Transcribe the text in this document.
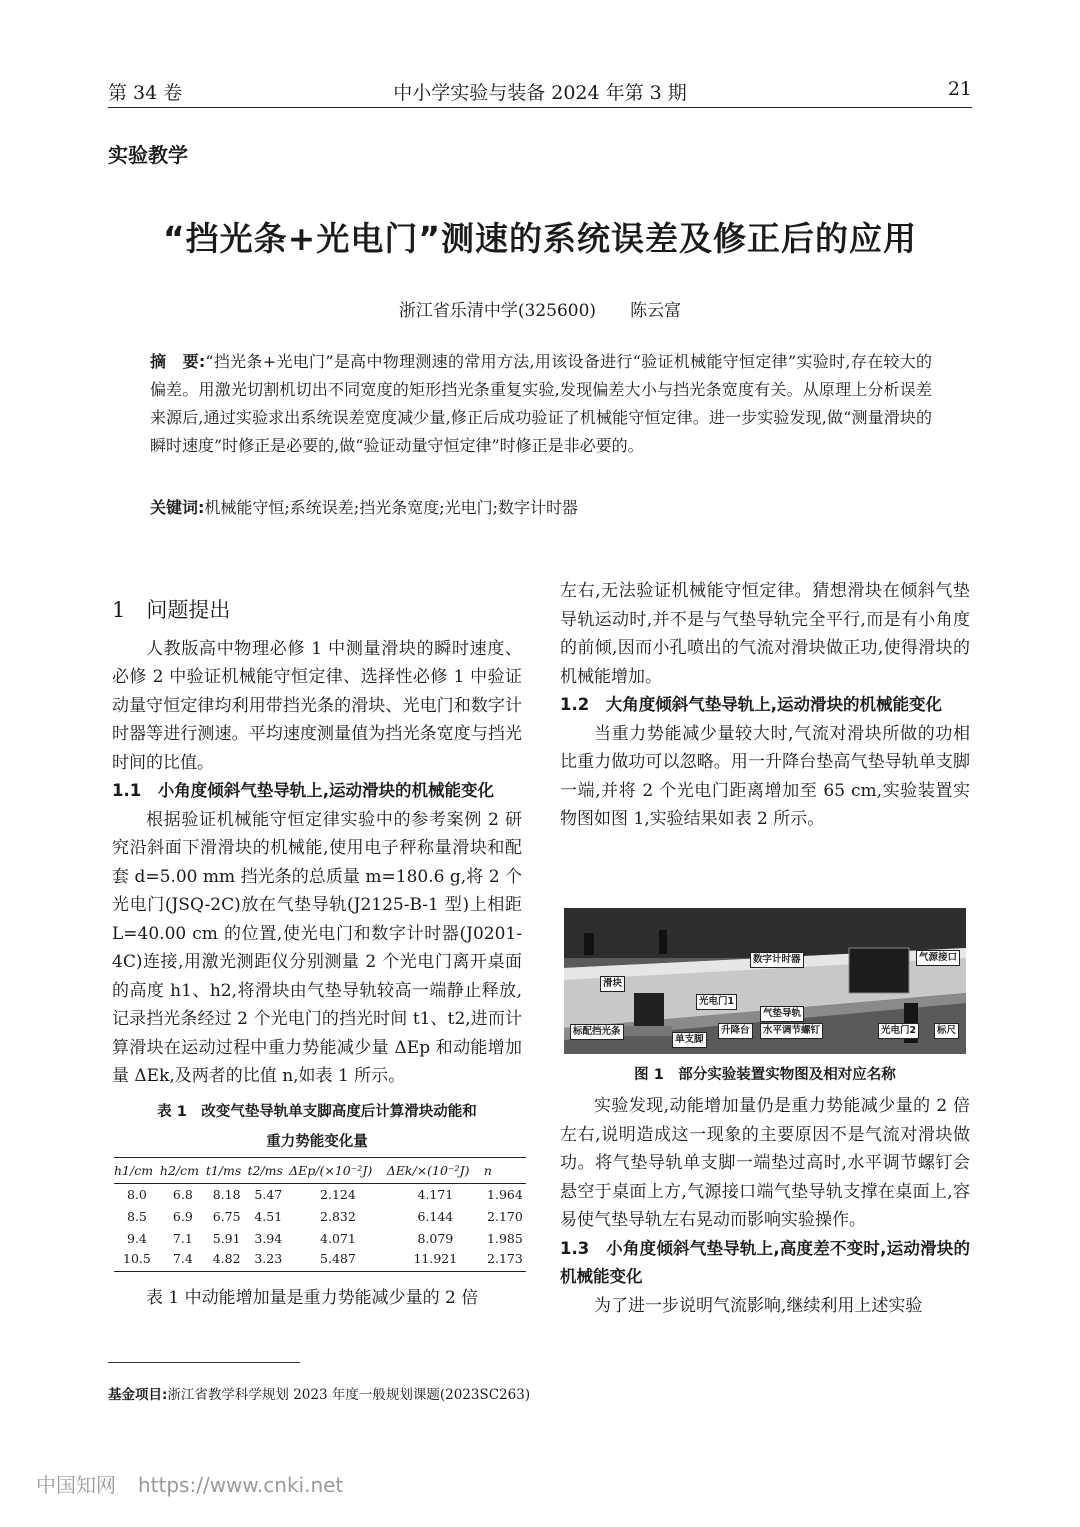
第 34 卷	中小学实验与装备 2024 年第 3 期	21
实验教学
“挡光条+光电门”测速的系统误差及修正后的应用
浙江省乐清中学(325600)　　陈云富
摘　要:“挡光条+光电门”是高中物理测速的常用方法,用该设备进行“验证机械能守恒定律”实验时,存在较大的偏差。用激光切割机切出不同宽度的矩形挡光条重复实验,发现偏差大小与挡光条宽度有关。从原理上分析误差来源后,通过实验求出系统误差宽度减少量,修正后成功验证了机械能守恒定律。进一步实验发现,做“测量滑块的瞬时速度”时修正是必要的,做“验证动量守恒定律”时修正是非必要的。
关键词:机械能守恒;系统误差;挡光条宽度;光电门;数字计时器
1　问题提出
人教版高中物理必修 1 中测量滑块的瞬时速度、必修 2 中验证机械能守恒定律、选择性必修 1 中验证动量守恒定律均利用带挡光条的滑块、光电门和数字计时器等进行测速。平均速度测量值为挡光条宽度与挡光时间的比值。
1.1　小角度倾斜气垫导轨上,运动滑块的机械能变化
根据验证机械能守恒定律实验中的参考案例 2 研究沿斜面下滑滑块的机械能,使用电子秤称量滑块和配套 d=5.00 mm 挡光条的总质量 m=180.6 g,将 2 个光电门(JSQ-2C)放在气垫导轨(J2125-B-1 型)上相距 L=40.00 cm 的位置,使光电门和数字计时器(J0201-4C)连接,用激光测距仪分别测量 2 个光电门离开桌面的高度 h1、h2,将滑块由气垫导轨较高一端静止释放,记录挡光条经过 2 个光电门的挡光时间 t1、t2,进而计算滑块在运动过程中重力势能减少量 ΔEp 和动能增加量 ΔEk,及两者的比值 n,如表 1 所示。
表 1　改变气垫导轨单支脚高度后计算滑块动能和
重力势能变化量
h1/cm	h2/cm	t1/ms	t2/ms	ΔEp/(×10⁻²J)	ΔEk/×(10⁻²J)	n
8.0	6.8	8.18	5.47	2.124	4.171	1.964
8.5	6.9	6.75	4.51	2.832	6.144	2.170
9.4	7.1	5.91	3.94	4.071	8.079	1.985
10.5	7.4	4.82	3.23	5.487	11.921	2.173
表 1 中动能增加量是重力势能减少量的 2 倍
左右,无法验证机械能守恒定律。猜想滑块在倾斜气垫导轨运动时,并不是与气垫导轨完全平行,而是有小角度的前倾,因而小孔喷出的气流对滑块做正功,使得滑块的机械能增加。
1.2　大角度倾斜气垫导轨上,运动滑块的机械能变化
当重力势能减少量较大时,气流对滑块所做的功相比重力做功可以忽略。用一升降台垫高气垫导轨单支脚一端,并将 2 个光电门距离增加至 65 cm,实验装置实物图如图 1,实验结果如表 2 所示。
数字计时器	气源接口
滑块
光电门1
气垫导轨
标配挡光条
单支脚
升降台	水平调节螺钉	光电门2	标尺
图 1　部分实验装置实物图及相对应名称
实验发现,动能增加量仍是重力势能减少量的 2 倍左右,说明造成这一现象的主要原因不是气流对滑块做功。将气垫导轨单支脚一端垫过高时,水平调节螺钉会悬空于桌面上方,气源接口端气垫导轨支撑在桌面上,容易使气垫导轨左右晃动而影响实验操作。
1.3　小角度倾斜气垫导轨上,高度差不变时,运动滑块的机械能变化
为了进一步说明气流影响,继续利用上述实验
基金项目:浙江省教学科学规划 2023 年度一般规划课题(2023SC263)
中国知网 https://www.cnki.net
